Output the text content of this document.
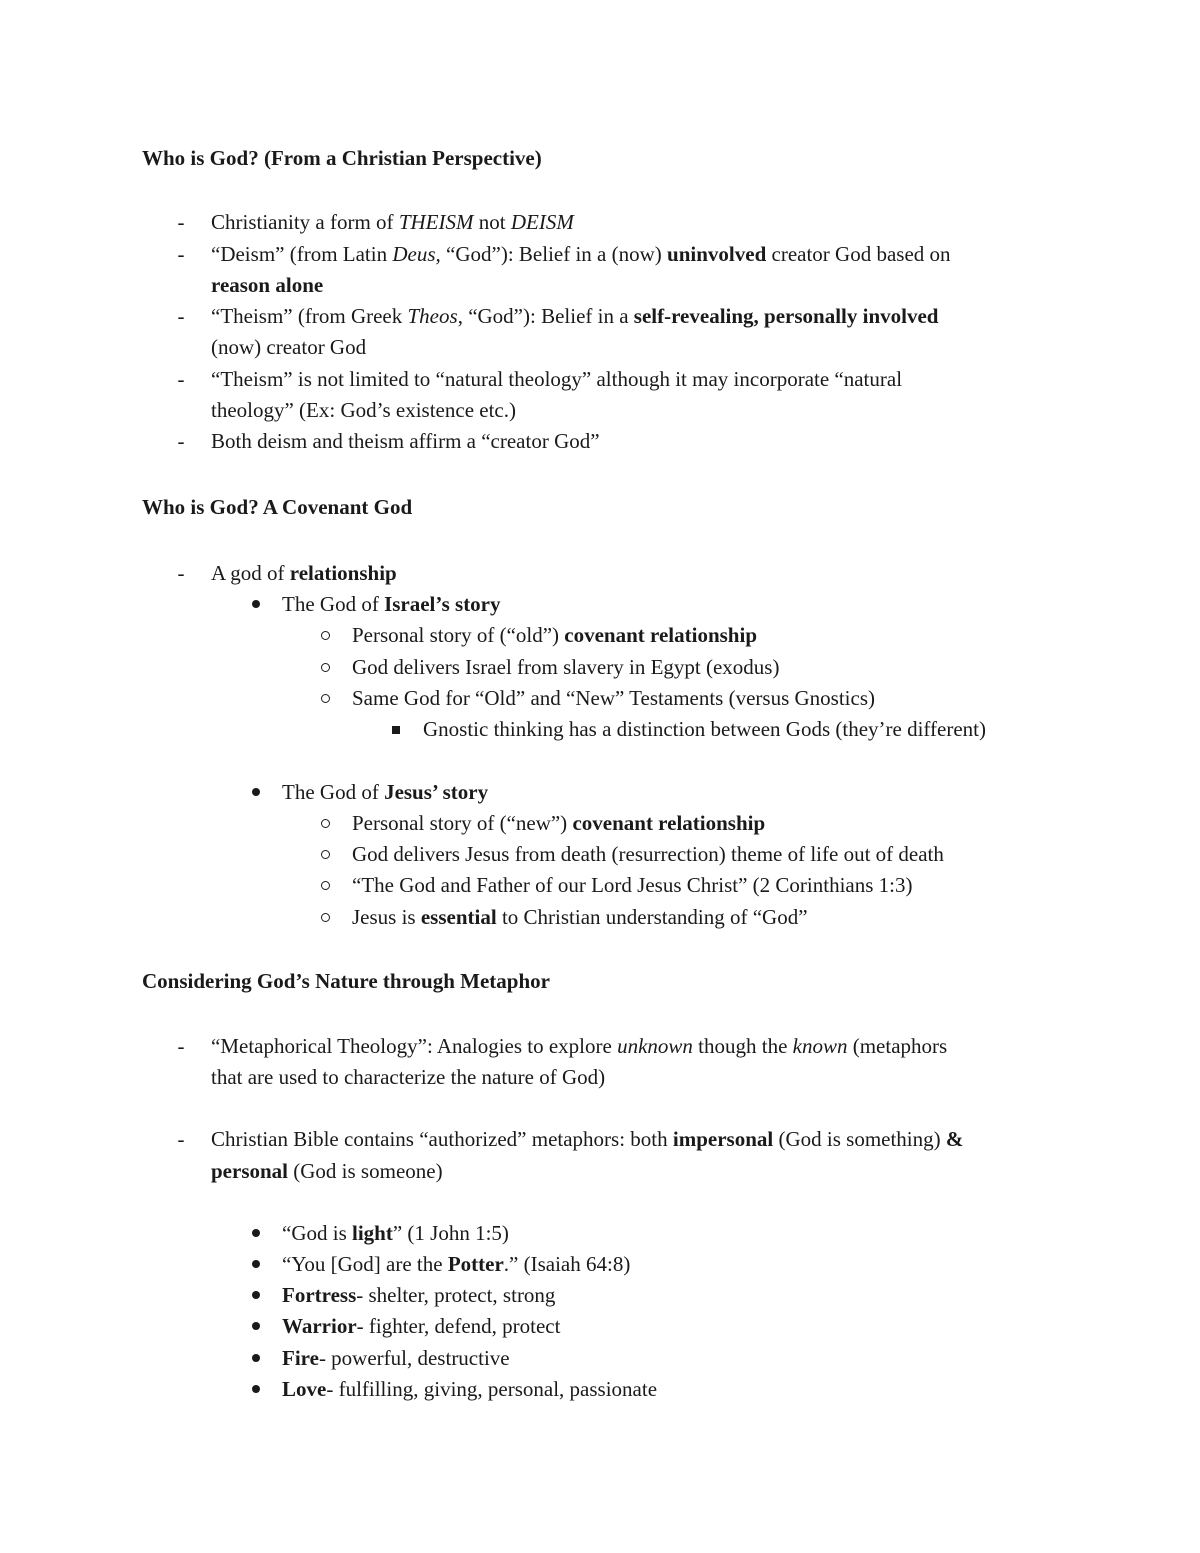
Who is God? (From a Christian Perspective)
- Christianity a form of THEISM not DEISM
- “Deism” (from Latin Deus, “God”): Belief in a (now) uninvolved creator God based on
reason alone
- “Theism” (from Greek Theos, “God”): Belief in a self-revealing, personally involved
(now) creator God
- “Theism” is not limited to “natural theology” although it may incorporate “natural
theology” (Ex: God’s existence etc.)
- Both deism and theism affirm a “creator God”
Who is God? A Covenant God
- A god of relationship
The God of Israel’s story
Personal story of (“old”) covenant relationship
God delivers Israel from slavery in Egypt (exodus)
Same God for “Old” and “New” Testaments (versus Gnostics)
Gnostic thinking has a distinction between Gods (they’re different)
The God of Jesus’ story
Personal story of (“new”) covenant relationship
God delivers Jesus from death (resurrection) theme of life out of death
“The God and Father of our Lord Jesus Christ” (2 Corinthians 1:3)
Jesus is essential to Christian understanding of “God”
Considering God’s Nature through Metaphor
- “Metaphorical Theology”: Analogies to explore unknown though the known (metaphors
that are used to characterize the nature of God)
- Christian Bible contains “authorized” metaphors: both impersonal (God is something) &
personal (God is someone)
“God is light” (1 John 1:5)
“You [God] are the Potter.” (Isaiah 64:8)
Fortress- shelter, protect, strong
Warrior- fighter, defend, protect
Fire- powerful, destructive
Love- fulfilling, giving, personal, passionate
